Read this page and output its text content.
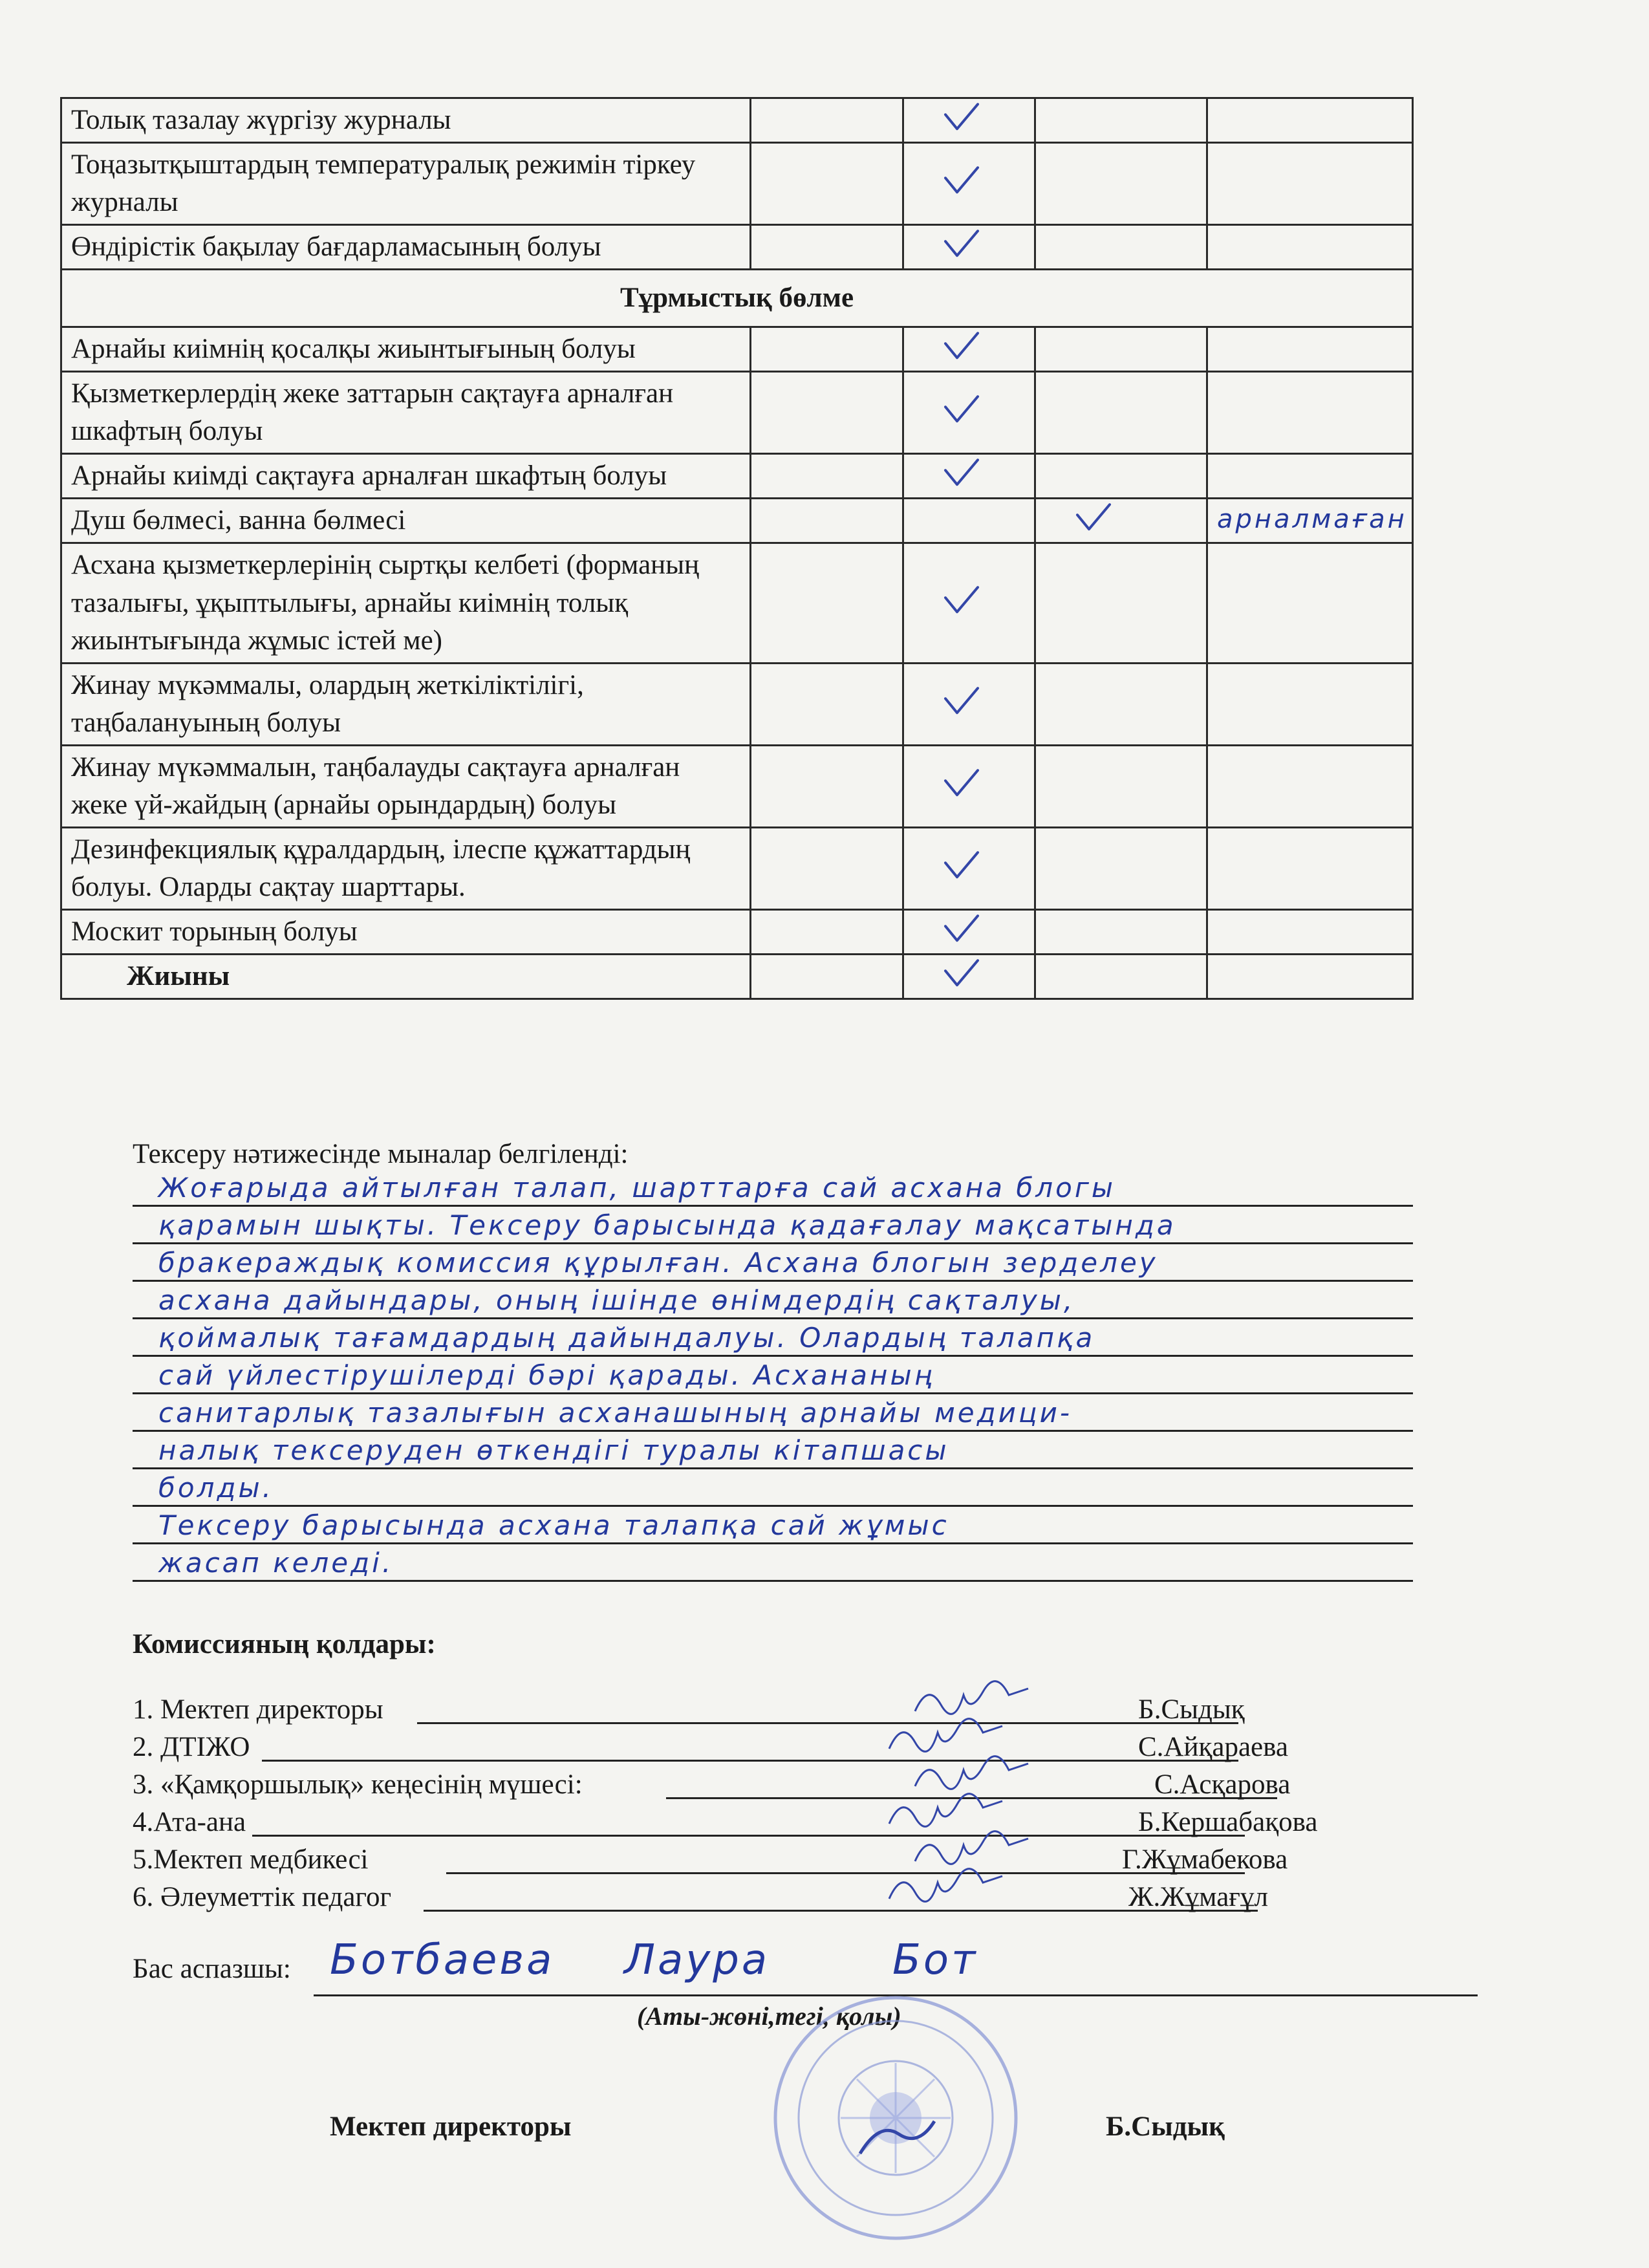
Толық тазалау жүргізу журналы		

Тоңазытқыштардың температуралық режимін тіркеу журналы		

Өндірістік бақылау бағдарламасының болуы		

Тұрмыстық бөлме				
Арнайы киімнің қосалқы жиынтығының болуы		

Қызметкерлердің жеке заттарын сақтауға арналған шкафтың болуы		

Арнайы киімді сақтауға арналған шкафтың болуы		

Душ бөлмесі, ванна бөлмесі				арналмаған
Асхана қызметкерлерінің сыртқы келбеті (форманың тазалығы, ұқыптылығы, арнайы киімнің толық жиынтығында жұмыс істей ме)		

Жинау мүкәммалы, олардың жеткіліктілігі, таңбалануының болуы		

Жинау мүкәммалын, таңбалауды сақтауға арналған жеке үй-жайдың (арнайы орындардың) болуы		

Дезинфекциялық құралдардың, ілеспе құжаттардың болуы. Оларды сақтау шарттары.		

Москит торының болуы		

Жиыны		

Тексеру нәтижесінде мыналар белгіленді:
Жоғарыда айтылған талап, шарттарға сай асхана блогы
қарамын шықты. Тексеру барысында қадағалау мақсатында
бракераждық комиссия құрылған. Асхана блогын зерделеу
асхана дайындары, оның ішінде өнімдердің сақталуы,
қоймалық тағамдардың дайындалуы. Олардың талапқа
сай үйлестірушілерді бәрі қарады. Асхананың
санитарлық тазалығын асханашының арнайы медици-
налық тексеруден өткендігі туралы кітапшасы
болды.
Тексеру барысында асхана талапқа сай жұмыс
жасап келеді.
Комиссияның қолдары:
1. Мектеп директоры	Б.Сыдық
2. ДТІЖО	С.Айқараева
3. «Қамқоршылық» кеңесінің мүшесі:	С.Асқарова
4.Ата-ана	Б.Кершабақова
5.Мектеп медбикесі	Г.Жұмабекова
6. Әлеуметтік педагог	Ж.Жұмағұл
Бас аспазшы: Ботбаева Лаура	Бот
(Аты-жөні,тегі, қолы)
Мектеп директоры	Б.Сыдық
